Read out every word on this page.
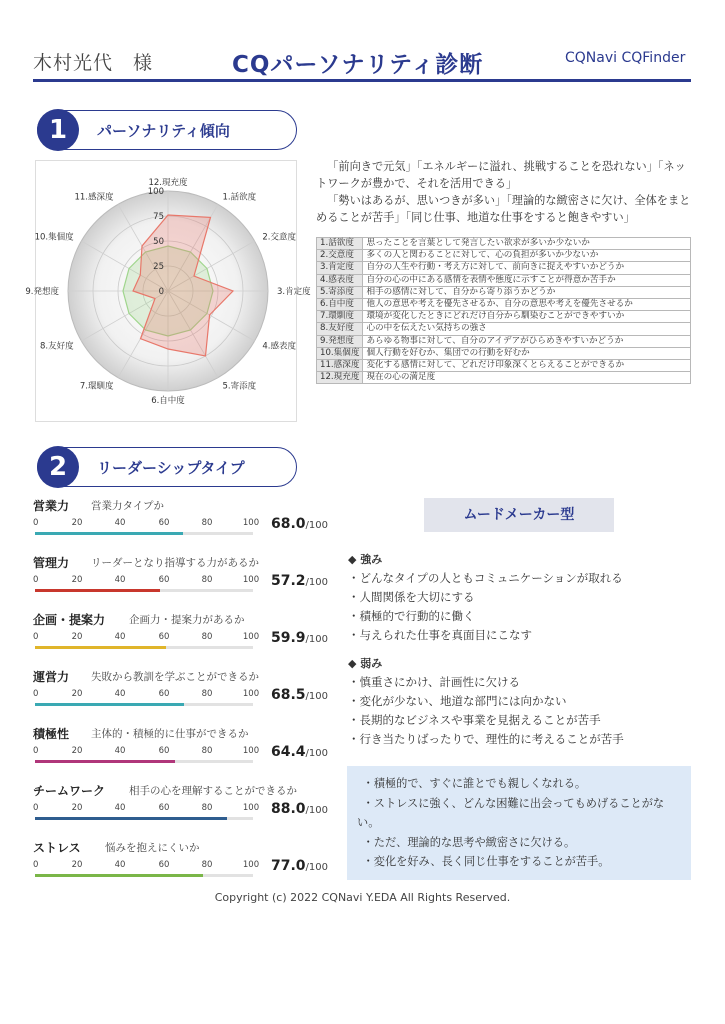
木村光代　様	CQパーソナリティ診断	CQNavi CQFinder
1	パーソナリティ傾向
0
25
50
75
100
12.現充度
1.話欲度
2.交意度
3.肯定度
4.感表度
5.寄添度
6.自中度
7.環馴度
8.友好度
9.発想度
10.集個度
11.感深度

「前向きで元気」「エネルギーに溢れ、挑戦することを恐れない」「ネットワークが豊かで、それを活用できる」

「勢いはあるが、思いつきが多い」「理論的な緻密さに欠け、全体をまとめることが苦手」「同じ仕事、地道な仕事をすると飽きやすい」

1.話欲度	思ったことを言葉として発言したい欲求が多いか少ないか
2.交意度	多くの人と関わることに対して、心の負担が多いか少ないか
3.肯定度	自分の人生や行動・考え方に対して、前向きに捉えやすいかどうか
4.感表度	自分の心の中にある感情を表情や態度に示すことが得意か苦手か
5.寄添度	相手の感情に対して、自分から寄り添うかどうか
6.自中度	他人の意思や考えを優先させるか、自分の意思や考えを優先させるか
7.環馴度	環境が変化したときにどれだけ自分から馴染むことができやすいか
8.友好度	心の中を伝えたい気持ちの強さ
9.発想度	あらゆる物事に対して、自分のアイデアがひらめきやすいかどうか
10.集個度	個人行動を好むか、集団での行動を好むか
11.感深度	変化する感情に対して、どれだけ印象深くとらえることができるか
12.現充度	現在の心の満足度
2	リーダーシップタイプ
営業力 営業力タイプか
0	20	40	60	80	100 68.0/100
管理力 リーダーとなり指導する力があるか
0	20	40	60	80	100 57.2/100
企画・提案力 企画力・提案力があるか
0	20	40	60	80	100 59.9/100
運営力 失敗から教訓を学ぶことができるか
0	20	40	60	80	100 68.5/100
積極性 主体的・積極的に仕事ができるか
0	20	40	60	80	100 64.4/100
チームワーク 相手の心を理解することができるか
0	20	40	60	80	100 88.0/100
ストレス 悩みを抱えにくいか
0	20	40	60	80	100 77.0/100
ムードメーカー型
◆ 強み
・どんなタイプの人ともコミュニケーションが取れる
・人間関係を大切にする
・積極的で行動的に働く
・与えられた仕事を真面目にこなす
◆ 弱み
・慎重さにかけ、計画性に欠ける
・変化が少ない、地道な部門には向かない
・長期的なビジネスや事業を見据えることが苦手
・行き当たりばったりで、理性的に考えることが苦手

・積極的で、すぐに誰とでも親しくなれる。

・ストレスに強く、どんな困難に出会ってもめげることがない。

・ただ、理論的な思考や緻密さに欠ける。

・変化を好み、長く同じ仕事をすることが苦手。

Copyright (c) 2022 CQNavi Y.EDA All Rights Reserved.
